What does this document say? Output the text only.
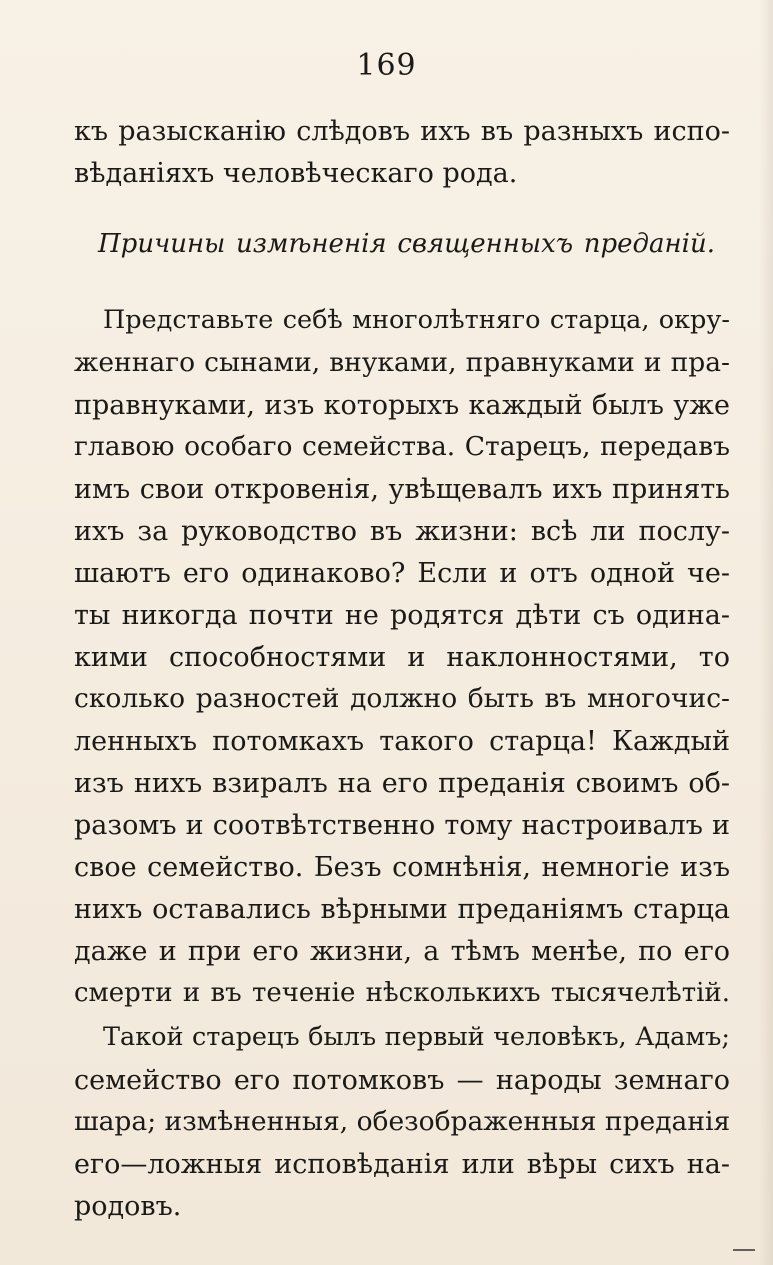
169
къ разысканію слѣдовъ ихъ въ разныхъ испо-
вѣданіяхъ человѣческаго рода.
Причины измѣненія священныхъ преданій.
Представьте себѣ многолѣтняго старца, окру-
женнаго сынами, внуками, правнуками и пра-
правнуками, изъ которыхъ каждый былъ уже
главою особаго семейства. Старецъ, передавъ
имъ свои откровенія, увѣщевалъ ихъ принять
ихъ за руководство въ жизни: всѣ ли послу-
шаютъ его одинаково? Если и отъ одной че-
ты никогда почти не родятся дѣти съ одина-
кими способностями и наклонностями, то
сколько разностей должно быть въ многочис-
ленныхъ потомкахъ такого старца! Каждый
изъ нихъ взиралъ на его преданія своимъ об-
разомъ и соотвѣтственно тому настроивалъ и
свое семейство. Безъ сомнѣнія, немногіе изъ
нихъ оставались вѣрными преданіямъ старца
даже и при его жизни, а тѣмъ менѣе, по его
смерти и въ теченіе нѣсколькихъ тысячелѣтій.
Такой старецъ былъ первый человѣкъ, Адамъ;
семейство его потомковъ — народы земнаго
шара; измѣненныя, обезображенныя преданія
его—ложныя исповѣданія или вѣры сихъ на-
родовъ.
